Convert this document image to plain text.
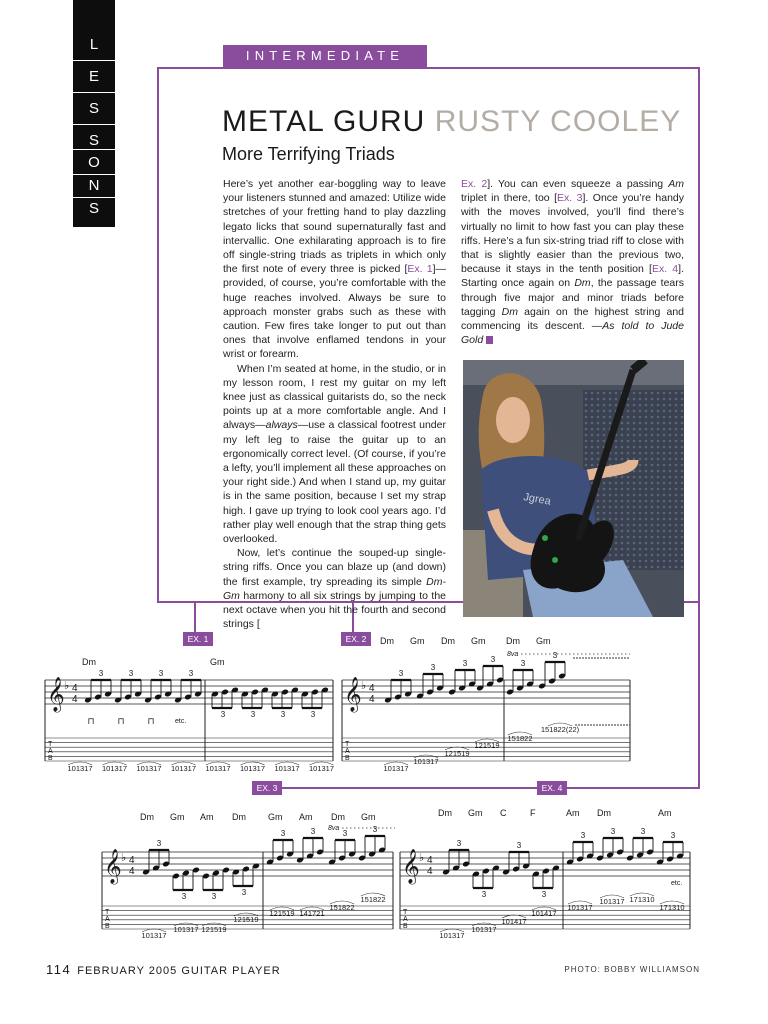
L
E
S
S
O
N
S
INTERMEDIATE
METAL GURU RUSTY COOLEY
More Terrifying Triads

Here’s yet another ear-boggling way to leave your listeners stunned and amazed: Utilize wide stretches of your fretting hand to play dazzling legato licks that sound supernaturally fast and intervallic. One exhilarating approach is to fire off single-string triads as triplets in which only the first note of every three is picked [Ex. 1]—provided, of course, you’re comfortable with the huge reaches involved. Always be sure to approach monster grabs such as these with caution. Few fires take longer to put out than ones that involve enflamed tendons in your wrist or forearm.

When I’m seated at home, in the studio, or in my lesson room, I rest my guitar on my left knee just as classical guitarists do, so the neck points up at a more comfortable angle. And I always—always—use a classical footrest under my left leg to raise the guitar up to an ergonomically correct level. (Of course, if you’re a lefty, you’ll implement all these approaches on your right side.) And when I stand up, my guitar is in the same position, because I set my strap high. I gave up trying to look cool years ago. I’d rather play well enough that the strap thing gets overlooked.

Now, let’s continue the souped-up single-string riffs. Once you can blaze up (and down) the first example, try spreading its simple Dm-Gm harmony to all six strings by jumping to the next octave when you hit the fourth and second strings [

Ex. 2]. You can even squeeze a passing Am triplet in there, too [Ex. 3]. Once you’re handy with the moves involved, you’ll find there’s virtually no limit to how fast you can play these riffs. Here’s a fun six-string triad riff to close with that is slightly easier than the previous two, because it stays in the tenth position [Ex. 4]. Starting once again on Dm, the passage tears through five major and minor triads before tagging Dm again on the highest string and commencing its descent. —As told to Jude Gold

Jgrea
EX. 1	EX. 2
EX. 3	EX. 4
T
A
B
𝄞 ♭ 4
4
Dm	Gm
3	3	3	3
⊓	⊓	⊓	etc.
3	3	3	3
101317 101317 101317 101317 101317 101317 101317 101317
T
A
B
𝄞 ♭ 4
4
Dm Gm Dm Gm Dm Gm
8va
3
3	3	3	3
3
101317
101317
121519
121519
151822
151822(22)
T
A
B
𝄞 ♭ 4
4
Dm Gm Am Dm Gm Am Dm Gm
8va
3
3	3	3
3	3	3	3
101317
101317 121519
121519
121519 141721
151822
151822
T
A
B
𝄞 ♭ 4
4
Dm Gm C	F	Am Dm	Am
3
3
3
3
3	3	3	3
etc.
101317
101317
101417
101417
101317
101317 171310
171310
114 FEBRUARY 2005 GUITAR PLAYER	PHOTO: BOBBY WILLIAMSON
